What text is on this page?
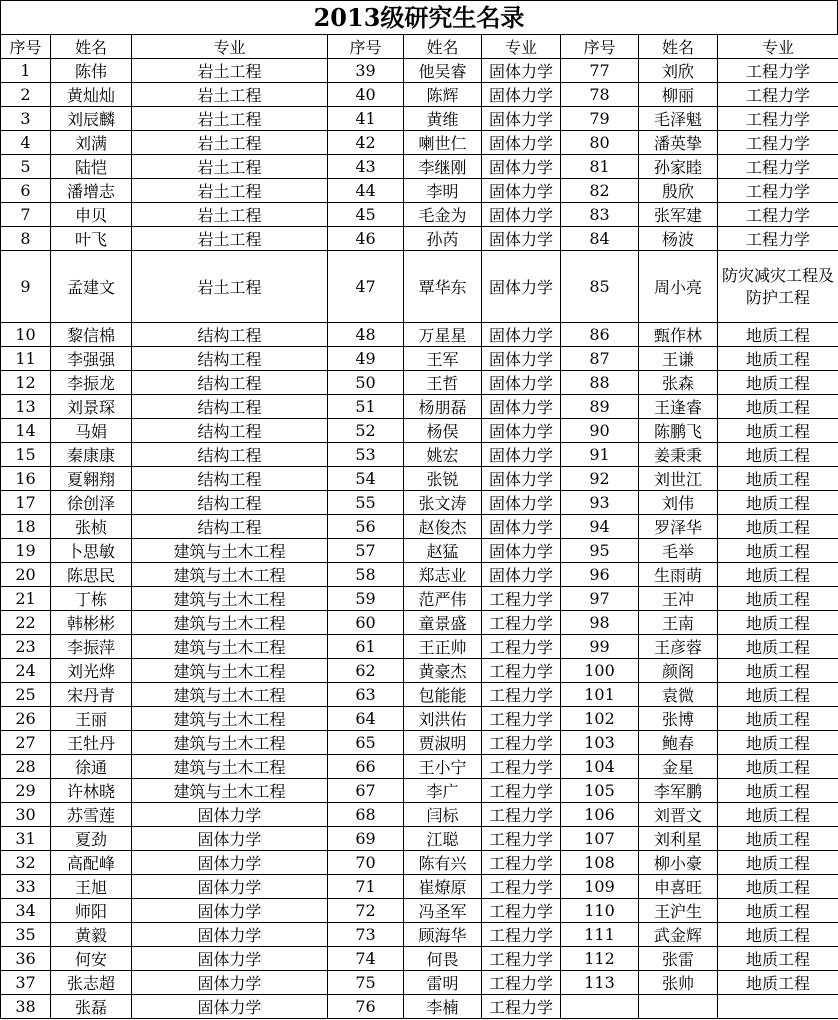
2013级研究生名录
序号	姓名	专业	序号	姓名	专业	序号	姓名	专业
1	陈伟	岩土工程	39	他吴睿	固体力学	77	刘欣	工程力学
2	黄灿灿	岩土工程	40	陈辉	固体力学	78	柳丽	工程力学
3	刘辰麟	岩土工程	41	黄维	固体力学	79	毛泽魁	工程力学
4	刘满	岩土工程	42	喇世仁	固体力学	80	潘英挚	工程力学
5	陆恺	岩土工程	43	李继刚	固体力学	81	孙家睦	工程力学
6	潘增志	岩土工程	44	李明	固体力学	82	殷欣	工程力学
7	申贝	岩土工程	45	毛金为	固体力学	83	张军建	工程力学
8	叶飞	岩土工程	46	孙芮	固体力学	84	杨波	工程力学
9	孟建文	岩土工程	47	覃华东	固体力学	85	周小亮	防灾减灾工程及防护工程
10	黎信棉	结构工程	48	万星星	固体力学	86	甄作林	地质工程
11	李强强	结构工程	49	王军	固体力学	87	王谦	地质工程
12	李振龙	结构工程	50	王哲	固体力学	88	张森	地质工程
13	刘景琛	结构工程	51	杨朋磊	固体力学	89	王逢睿	地质工程
14	马娟	结构工程	52	杨俣	固体力学	90	陈鹏飞	地质工程
15	秦康康	结构工程	53	姚宏	固体力学	91	姜秉秉	地质工程
16	夏翱翔	结构工程	54	张锐	固体力学	92	刘世江	地质工程
17	徐创泽	结构工程	55	张文涛	固体力学	93	刘伟	地质工程
18	张桢	结构工程	56	赵俊杰	固体力学	94	罗泽华	地质工程
19	卜思敏	建筑与土木工程	57	赵猛	固体力学	95	毛举	地质工程
20	陈思民	建筑与土木工程	58	郑志业	固体力学	96	生雨萌	地质工程
21	丁栋	建筑与土木工程	59	范严伟	工程力学	97	王冲	地质工程
22	韩彬彬	建筑与土木工程	60	童景盛	工程力学	98	王南	地质工程
23	李振萍	建筑与土木工程	61	王正帅	工程力学	99	王彦蓉	地质工程
24	刘光烨	建筑与土木工程	62	黄豪杰	工程力学	100	颜阁	地质工程
25	宋丹青	建筑与土木工程	63	包能能	工程力学	101	袁微	地质工程
26	王丽	建筑与土木工程	64	刘洪佑	工程力学	102	张博	地质工程
27	王牡丹	建筑与土木工程	65	贾淑明	工程力学	103	鲍春	地质工程
28	徐通	建筑与土木工程	66	王小宁	工程力学	104	金星	地质工程
29	许林晓	建筑与土木工程	67	李广	工程力学	105	李军鹏	地质工程
30	苏雪莲	固体力学	68	闫标	工程力学	106	刘晋文	地质工程
31	夏劲	固体力学	69	江聪	工程力学	107	刘利星	地质工程
32	高配峰	固体力学	70	陈有兴	工程力学	108	柳小豪	地质工程
33	王旭	固体力学	71	崔燎原	工程力学	109	申喜旺	地质工程
34	师阳	固体力学	72	冯圣军	工程力学	110	王沪生	地质工程
35	黄毅	固体力学	73	顾海华	工程力学	111	武金辉	地质工程
36	何安	固体力学	74	何畏	工程力学	112	张雷	地质工程
37	张志超	固体力学	75	雷明	工程力学	113	张帅	地质工程
38	张磊	固体力学	76	李楠	工程力学			
